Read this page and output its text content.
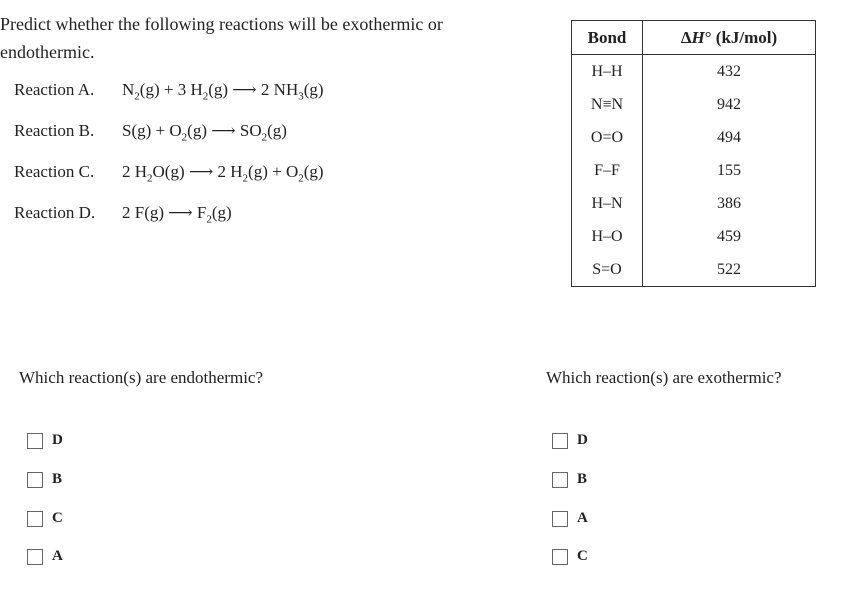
Predict whether the following reactions will be exothermic or endothermic.
Reaction A. $N_2(g) + 3$ $H_2(g)$ ⟶ 2 $NH_3(g)$
Reaction B. $S(g) + O_2(g)$ ⟶ $SO_2(g)$
Reaction C. 2 $H_2O(g)$ ⟶ 2 $H_2(g) + O_2(g)$
Reaction D. 2 F(g) ⟶ $F_2(g)$
Bond	ΔH° (kJ/mol)
H–H	432
N≡N	942
O=O	494
F–F	155
H–N	386
H–O	459
S=O	522
Which reaction(s) are endothermic?	Which reaction(s) are exothermic?
D
B
C
A
D
B
A
C
